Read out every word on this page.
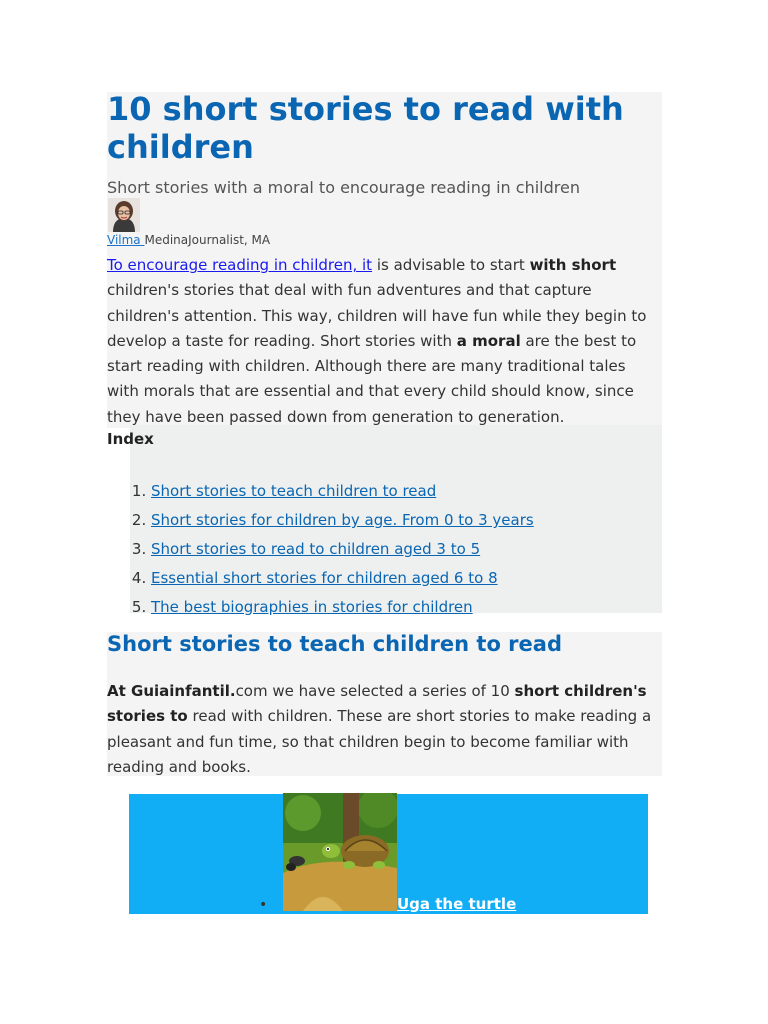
10 short stories to read with children

Short stories with a moral to encourage reading in children

Vilma MedinaJournalist, MA

To encourage reading in children, it is advisable to start with short children's stories that deal with fun adventures and that capture children's attention. This way, children will have fun while they begin to develop a taste for reading. Short stories with a moral are the best to start reading with children. Although there are many traditional tales with morals that are essential and that every child should know, since they have been passed down from generation to generation.

Index
1. Short stories to teach children to read
2. Short stories for children by age. From 0 to 3 years
3. Short stories to read to children aged 3 to 5
4. Essential short stories for children aged 6 to 8
5. The best biographies in stories for children
Short stories to teach children to read

At Guiainfantil.com we have selected a series of 10 short children's stories to read with children. These are short stories to make reading a pleasant and fun time, so that children begin to become familiar with reading and books.

•	Uga the turtle
